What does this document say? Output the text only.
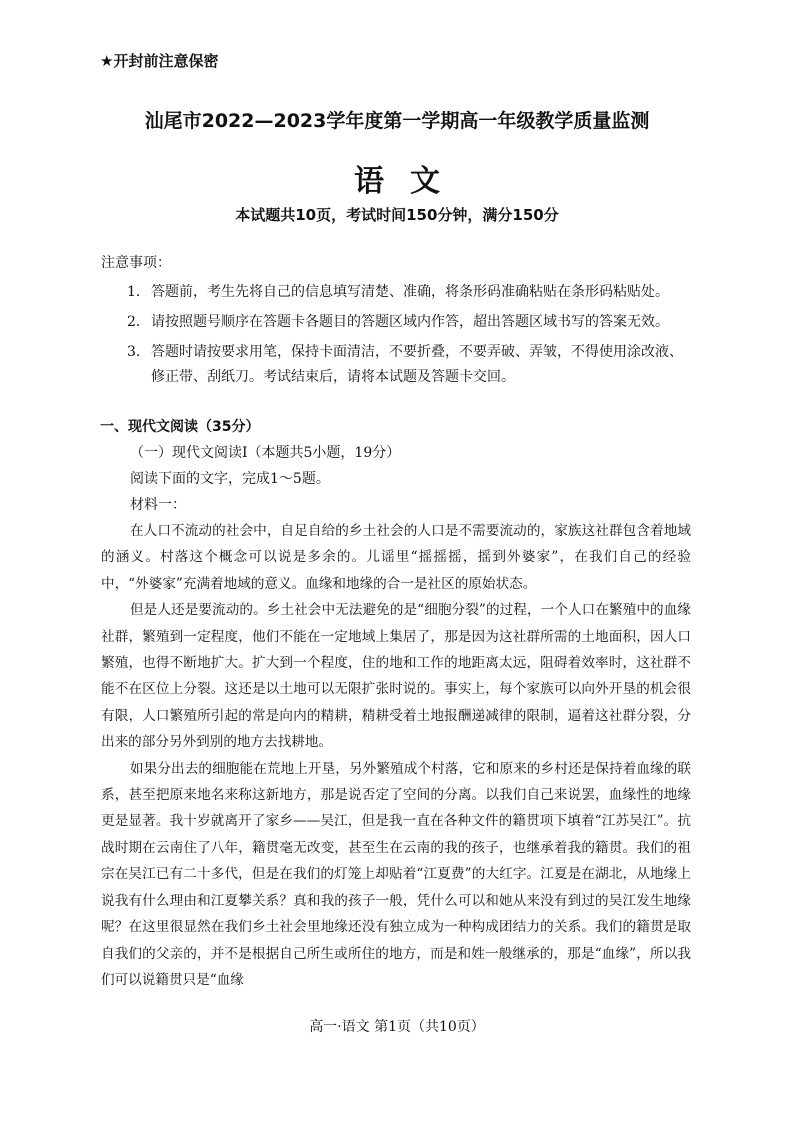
★开封前注意保密
汕尾市2022—2023学年度第一学期高一年级教学质量监测
语文
本试题共10页，考试时间150分钟，满分150分
注意事项：
1. 答题前，考生先将自己的信息填写清楚、准确，将条形码准确粘贴在条形码粘贴处。
2. 请按照题号顺序在答题卡各题目的答题区域内作答，超出答题区域书写的答案无效。
3. 答题时请按要求用笔，保持卡面清洁，不要折叠，不要弄破、弄皱，不得使用涂改液、修正带、刮纸刀。考试结束后，请将本试题及答题卡交回。
一、现代文阅读（35分）
（一）现代文阅读Ⅰ（本题共5小题，19分）
阅读下面的文字，完成1～5题。
材料一：

在人口不流动的社会中，自足自给的乡土社会的人口是不需要流动的，家族这社群包含着地域的涵义。村落这个概念可以说是多余的。儿谣里“摇摇摇，摇到外婆家”，在我们自己的经验中，“外婆家”充满着地域的意义。血缘和地缘的合一是社区的原始状态。

但是人还是要流动的。乡土社会中无法避免的是“细胞分裂”的过程，一个人口在繁殖中的血缘社群，繁殖到一定程度，他们不能在一定地域上集居了，那是因为这社群所需的土地面积，因人口繁殖，也得不断地扩大。扩大到一个程度，住的地和工作的地距离太远，阻碍着效率时，这社群不能不在区位上分裂。这还是以土地可以无限扩张时说的。事实上，每个家族可以向外开垦的机会很有限，人口繁殖所引起的常是向内的精耕，精耕受着土地报酬递减律的限制，逼着这社群分裂，分出来的部分另外到别的地方去找耕地。

如果分出去的细胞能在荒地上开垦，另外繁殖成个村落，它和原来的乡村还是保持着血缘的联系，甚至把原来地名来称这新地方，那是说否定了空间的分离。以我们自己来说罢，血缘性的地缘更是显著。我十岁就离开了家乡——吴江，但是我一直在各种文件的籍贯项下填着“江苏吴江”。抗战时期在云南住了八年，籍贯毫无改变，甚至生在云南的我的孩子，也继承着我的籍贯。我们的祖宗在吴江已有二十多代，但是在我们的灯笼上却贴着“江夏费”的大红字。江夏是在湖北，从地缘上说我有什么理由和江夏攀关系？真和我的孩子一般，凭什么可以和她从来没有到过的吴江发生地缘呢？在这里很显然在我们乡土社会里地缘还没有独立成为一种构成团结力的关系。我们的籍贯是取自我们的父亲的，并不是根据自己所生或所住的地方，而是和姓一般继承的，那是“血缘”，所以我们可以说籍贯只是“血缘

高一·语文 第1页（共10页）
